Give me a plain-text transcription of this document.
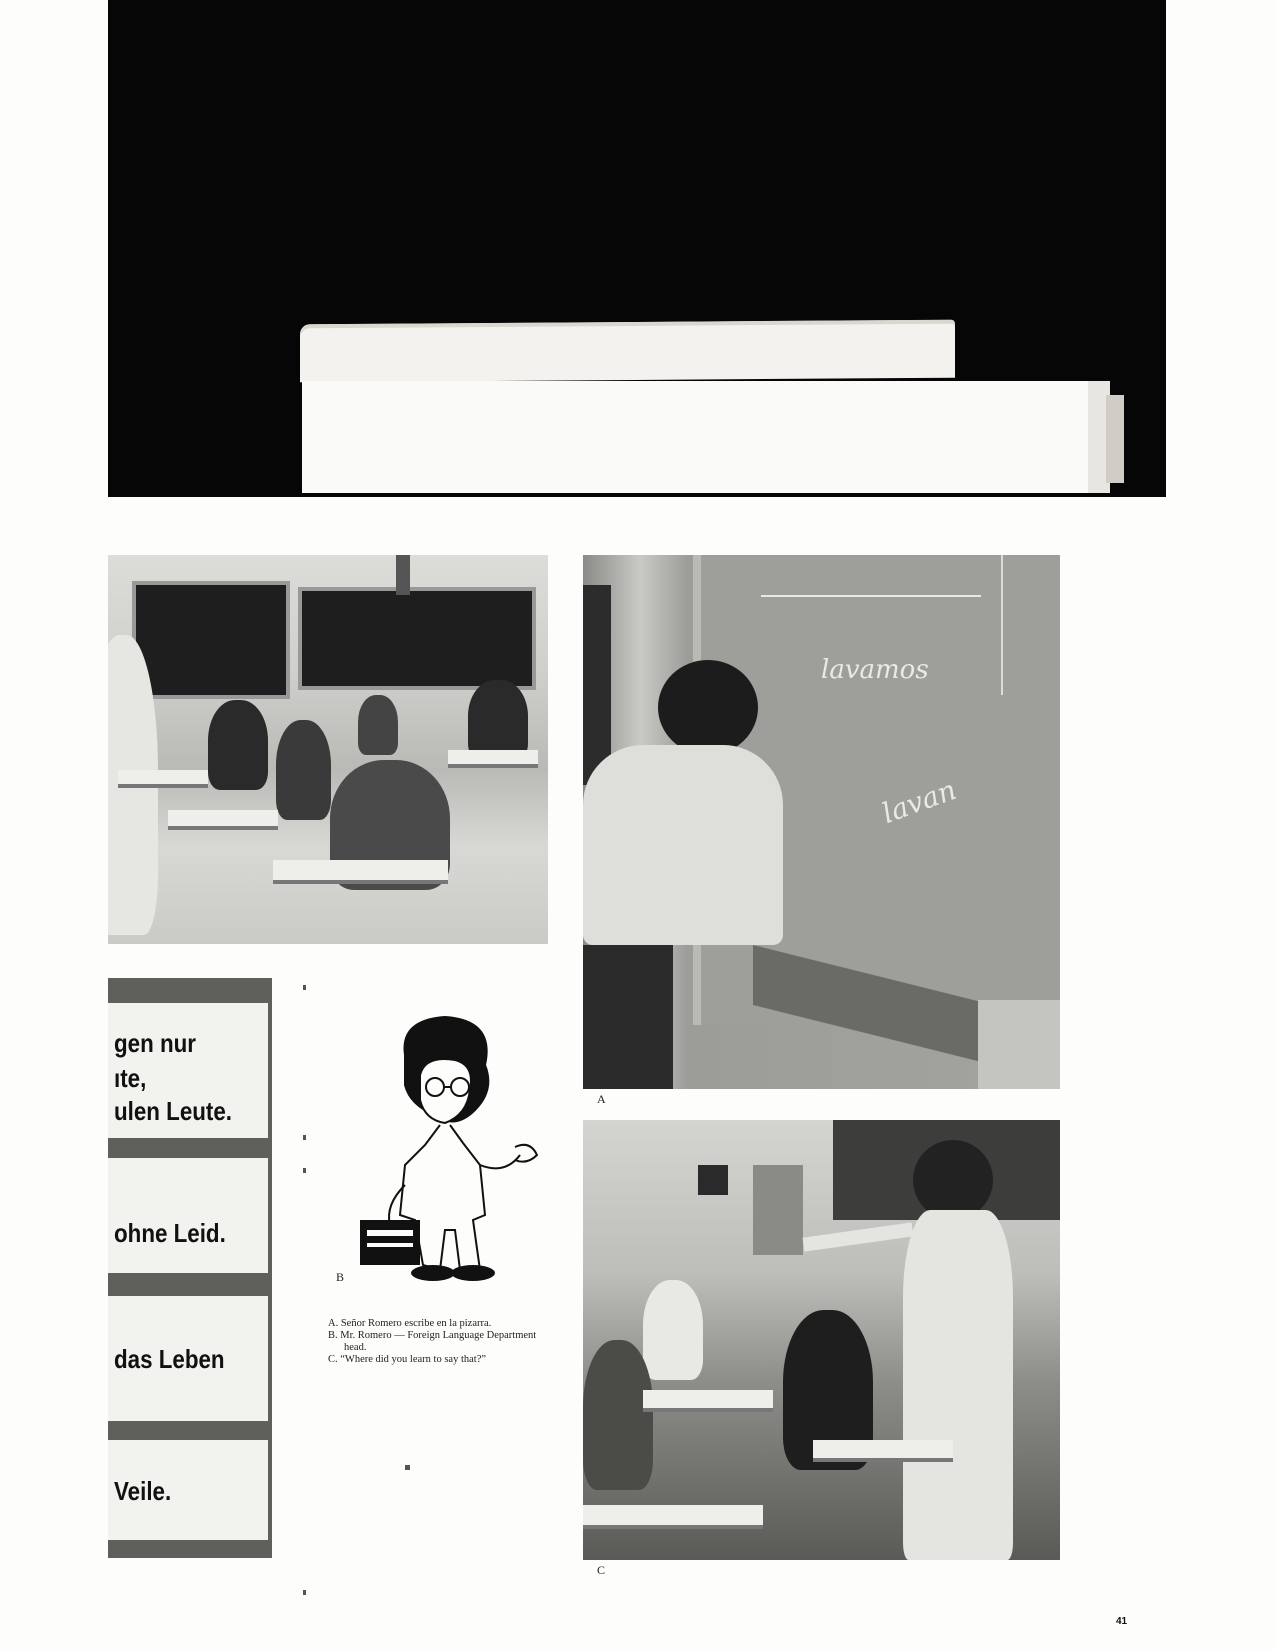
lavamos
lavan
A
gen nur
ıte,
ulen Leute.
ohne Leid.
das Leben
Veile.
B

A. Señor Romero escribe en la pizarra.

B. Mr. Romero — Foreign Language Department head.

C. “Where did you learn to say that?”

C
41
